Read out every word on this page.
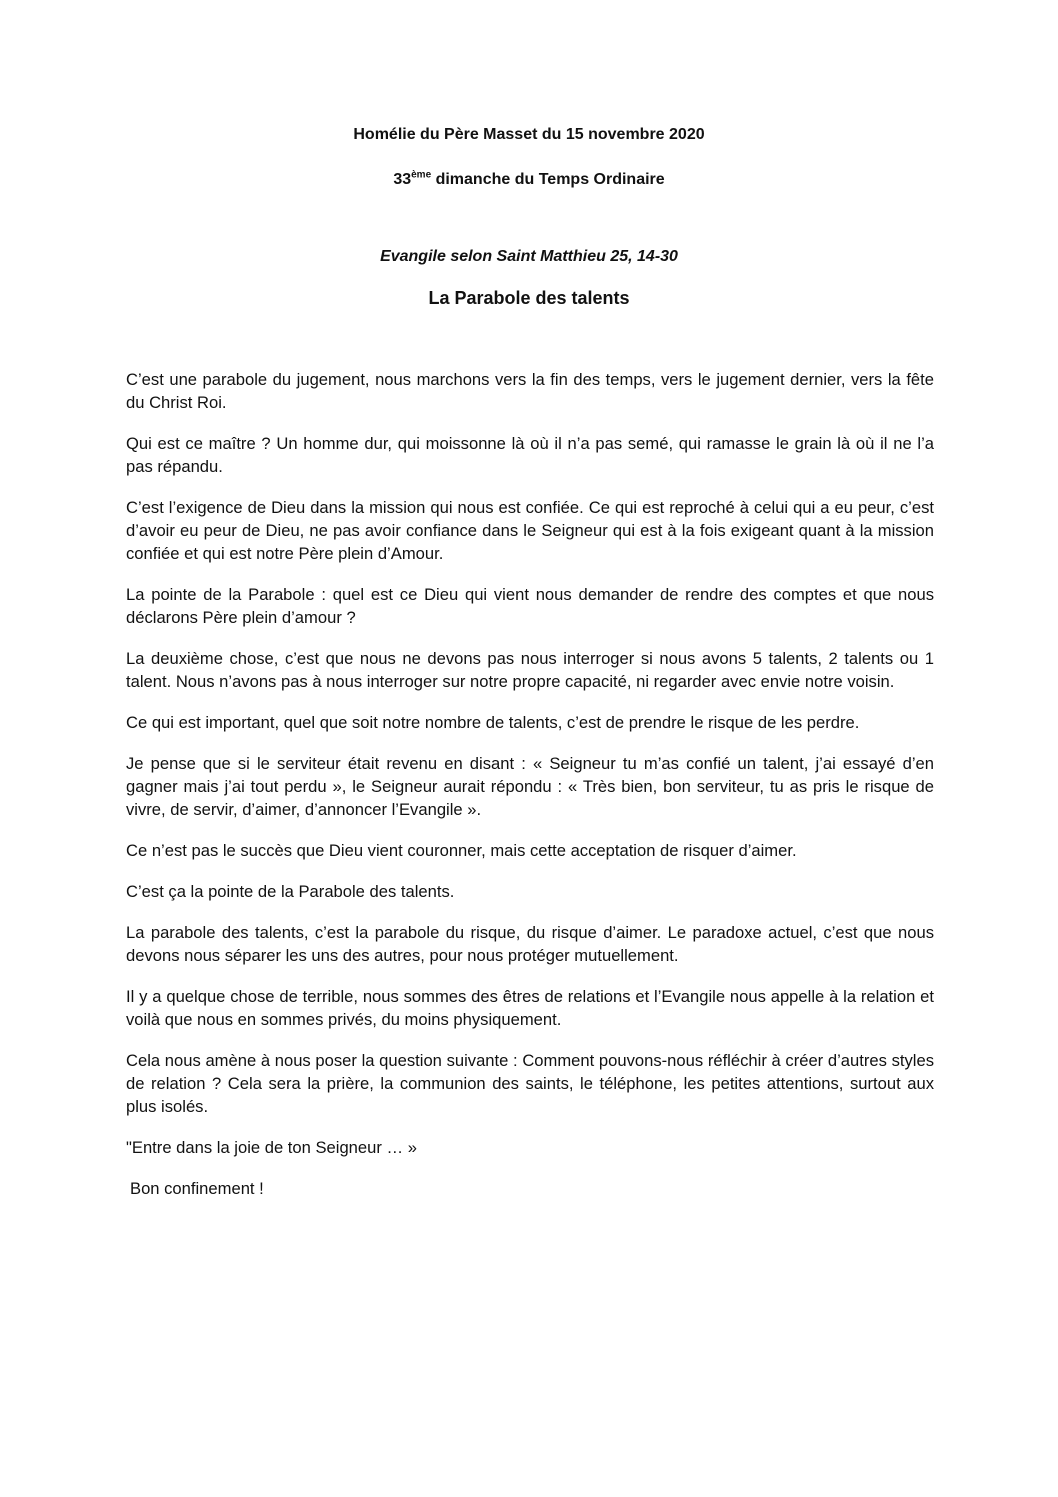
Homélie du Père Masset du 15 novembre 2020
33ème dimanche du Temps Ordinaire
Evangile selon Saint Matthieu 25, 14-30
La Parabole des talents

C’est une parabole du jugement, nous marchons vers la fin des temps, vers le jugement dernier, vers la fête du Christ Roi.

Qui est ce maître ? Un homme dur, qui moissonne là où il n’a pas semé, qui ramasse le grain là où il ne l’a pas répandu.

C’est l’exigence de Dieu dans la mission qui nous est confiée. Ce qui est reproché à celui qui a eu peur, c’est d’avoir eu peur de Dieu, ne pas avoir confiance dans le Seigneur qui est à la fois exigeant quant à la mission confiée et qui est notre Père plein d’Amour.

La pointe de la Parabole : quel est ce Dieu qui vient nous demander de rendre des comptes et que nous déclarons Père plein d’amour ?

La deuxième chose, c’est que nous ne devons pas nous interroger si nous avons 5 talents, 2 talents ou 1 talent. Nous n’avons pas à nous interroger sur notre propre capacité, ni regarder avec envie notre voisin.

Ce qui est important, quel que soit notre nombre de talents, c’est de prendre le risque de les perdre.

Je pense que si le serviteur était revenu en disant : « Seigneur tu m’as confié un talent, j’ai essayé d’en gagner mais j’ai tout perdu », le Seigneur aurait répondu : « Très bien, bon serviteur, tu as pris le risque de vivre, de servir, d’aimer, d’annoncer l’Evangile ».

Ce n’est pas le succès que Dieu vient couronner, mais cette acceptation de risquer d’aimer.

C’est ça la pointe de la Parabole des talents.

La parabole des talents, c’est la parabole du risque, du risque d’aimer. Le paradoxe actuel, c’est que nous devons nous séparer les uns des autres, pour nous protéger mutuellement.

Il y a quelque chose de terrible, nous sommes des êtres de relations et l’Evangile nous appelle à la relation et voilà que nous en sommes privés, du moins physiquement.

Cela nous amène à nous poser la question suivante : Comment pouvons-nous réfléchir à créer d’autres styles de relation ? Cela sera la prière, la communion des saints, le téléphone, les petites attentions, surtout aux plus isolés.

"Entre dans la joie de ton Seigneur … »

Bon confinement !
